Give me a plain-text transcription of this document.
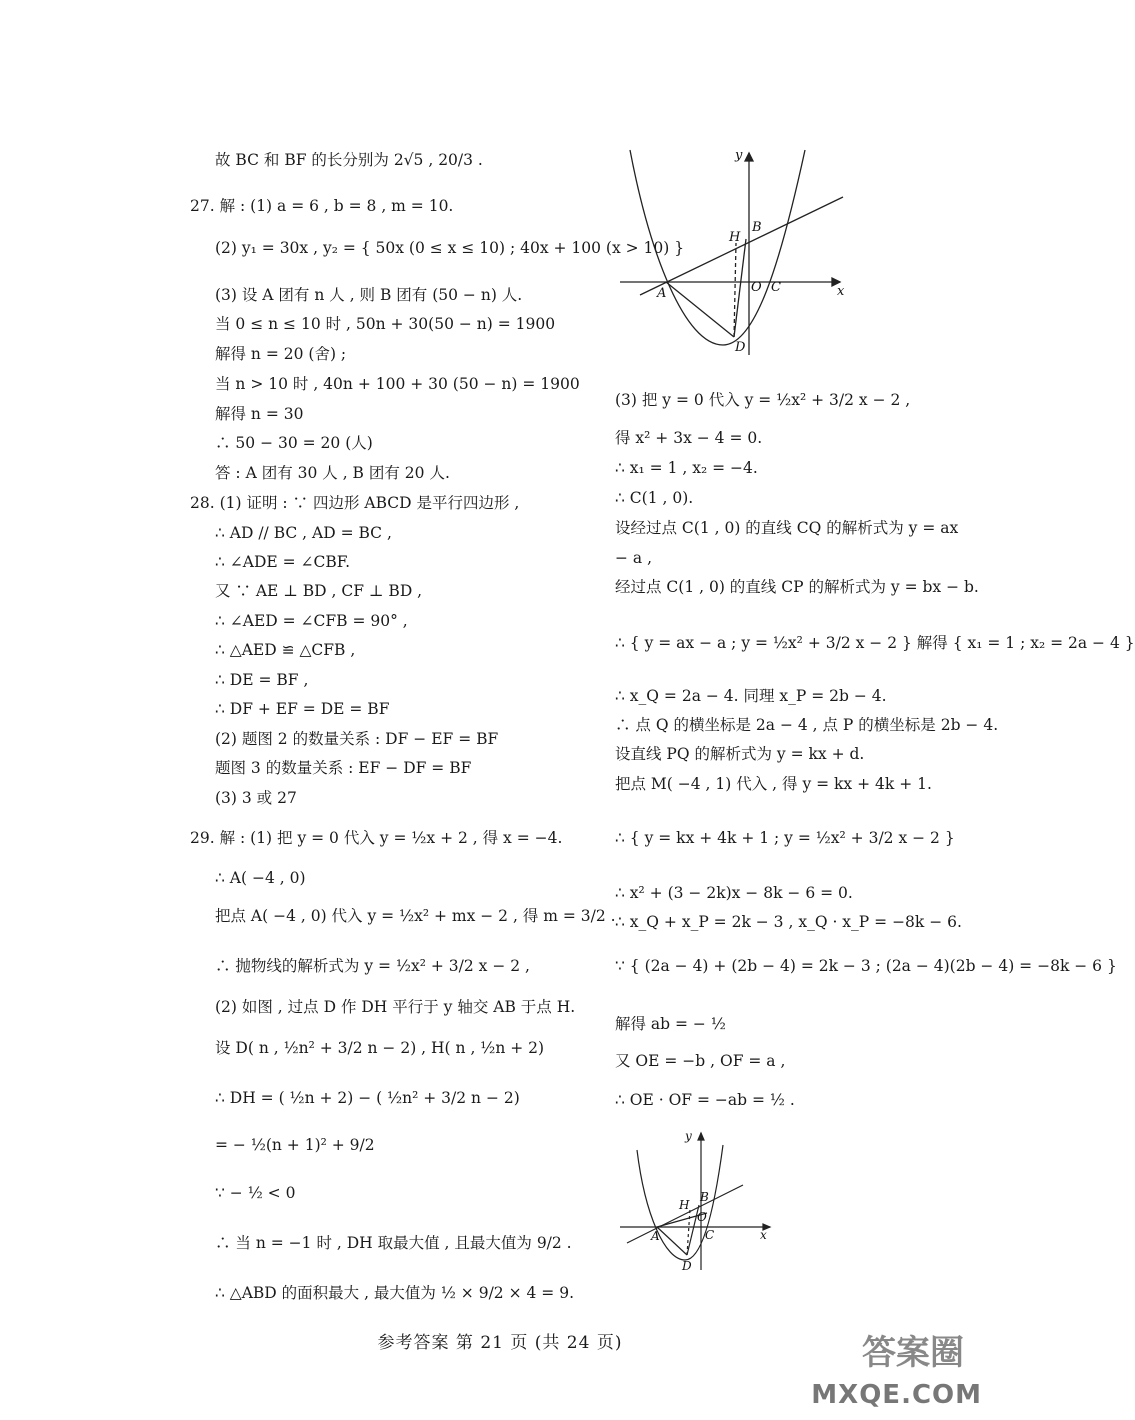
故 BC 和 BF 的长分别为 2√5 , 20/3 .
27. 解 : (1) a = 6 , b = 8 , m = 10.
(2) y₁ = 30x , y₂ = { 50x (0 ≤ x ≤ 10) ; 40x + 100 (x > 10) }
(3) 设 A 团有 n 人 , 则 B 团有 (50 − n) 人.
当 0 ≤ n ≤ 10 时 , 50n + 30(50 − n) = 1900
解得 n = 20 (舍) ;
当 n > 10 时 , 40n + 100 + 30 (50 − n) = 1900
解得 n = 30
∴ 50 − 30 = 20 (人)
答 : A 团有 30 人 , B 团有 20 人.
28. (1) 证明 : ∵ 四边形 ABCD 是平行四边形 ,
∴ AD // BC , AD = BC ,
∴ ∠ADE = ∠CBF.
又 ∵ AE ⊥ BD , CF ⊥ BD ,
∴ ∠AED = ∠CFB = 90° ,
∴ △AED ≌ △CFB ,
∴ DE = BF ,
∴ DF + EF = DE = BF
(2) 题图 2 的数量关系 : DF − EF = BF
题图 3 的数量关系 : EF − DF = BF
(3) 3 或 27
29. 解 : (1) 把 y = 0 代入 y = ½x + 2 , 得 x = −4.
∴ A( −4 , 0)
把点 A( −4 , 0) 代入 y = ½x² + mx − 2 , 得 m = 3/2 .
∴ 抛物线的解析式为 y = ½x² + 3/2 x − 2 ,
(2) 如图 , 过点 D 作 DH 平行于 y 轴交 AB 于点 H.
设 D( n , ½n² + 3/2 n − 2) , H( n , ½n + 2)
∴ DH = ( ½n + 2) − ( ½n² + 3/2 n − 2)
= − ½(n + 1)² + 9/2
∵ − ½ < 0
∴ 当 n = −1 时 , DH 取最大值 , 且最大值为 9/2 .
∴ △ABD 的面积最大 , 最大值为 ½ × 9/2 × 4 = 9.
y
H
B
A	O C	x
D
(3) 把 y = 0 代入 y = ½x² + 3/2 x − 2 ,
得 x² + 3x − 4 = 0.
∴ x₁ = 1 , x₂ = −4.
∴ C(1 , 0).
设经过点 C(1 , 0) 的直线 CQ 的解析式为 y = ax
− a ,
经过点 C(1 , 0) 的直线 CP 的解析式为 y = bx − b.
∴ { y = ax − a ; y = ½x² + 3/2 x − 2 } 解得 { x₁ = 1 ; x₂ = 2a − 4 }
∴ x_Q = 2a − 4. 同理 x_P = 2b − 4.
∴ 点 Q 的横坐标是 2a − 4 , 点 P 的横坐标是 2b − 4.
设直线 PQ 的解析式为 y = kx + d.
把点 M( −4 , 1) 代入 , 得 y = kx + 4k + 1.
∴ { y = kx + 4k + 1 ; y = ½x² + 3/2 x − 2 }
∴ x² + (3 − 2k)x − 8k − 6 = 0.
∴ x_Q + x_P = 2k − 3 , x_Q · x_P = −8k − 6.
∵ { (2a − 4) + (2b − 4) = 2k − 3 ; (2a − 4)(2b − 4) = −8k − 6 }
解得 ab = − ½
又 OE = −b , OF = a ,
∴ OE · OF = −ab = ½ .
y
H
B
O
A	C	x
D
参考答案 第 21 页 (共 24 页)	答案圈
MXQE.COM
